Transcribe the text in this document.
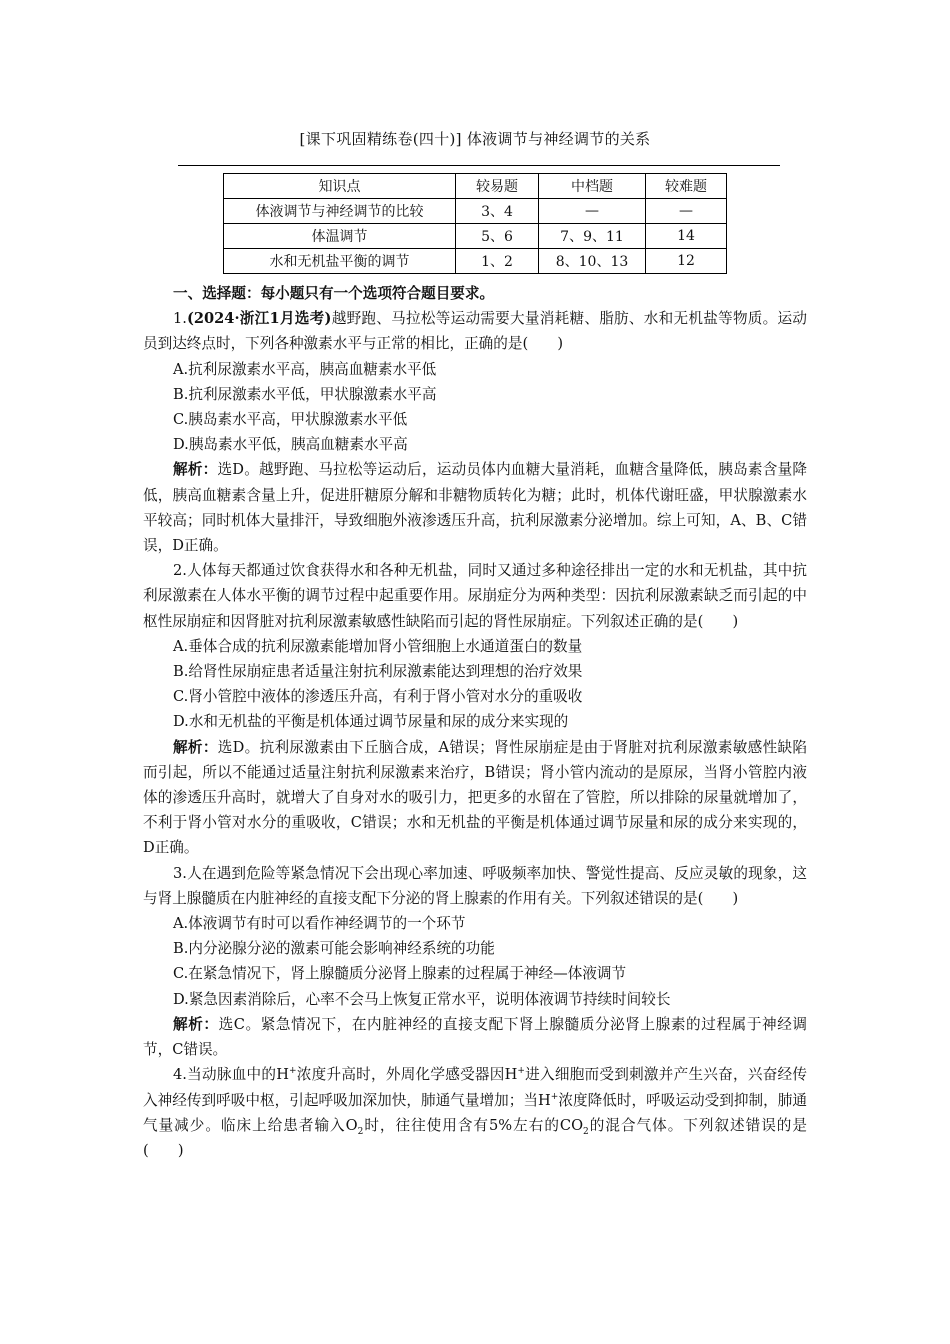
[课下巩固精练卷(四十)] 体液调节与神经调节的关系
知识点	较易题	中档题	较难题
体液调节与神经调节的比较	3、4	—	—
体温调节	5、6	7、9、11	14
水和无机盐平衡的调节	1、2	8、10、13	12

一、选择题：每小题只有一个选项符合题目要求。

1.(2024·浙江1月选考)越野跑、马拉松等运动需要大量消耗糖、脂肪、水和无机盐等物质。运动员到达终点时，下列各种激素水平与正常的相比，正确的是(　　)

A.抗利尿激素水平高，胰高血糖素水平低

B.抗利尿激素水平低，甲状腺激素水平高

C.胰岛素水平高，甲状腺激素水平低

D.胰岛素水平低，胰高血糖素水平高

解析：选D。越野跑、马拉松等运动后，运动员体内血糖大量消耗，血糖含量降低，胰岛素含量降低，胰高血糖素含量上升，促进肝糖原分解和非糖物质转化为糖；此时，机体代谢旺盛，甲状腺激素水平较高；同时机体大量排汗，导致细胞外液渗透压升高，抗利尿激素分泌增加。综上可知，A、B、C错误，D正确。

2.人体每天都通过饮食获得水和各种无机盐，同时又通过多种途径排出一定的水和无机盐，其中抗利尿激素在人体水平衡的调节过程中起重要作用。尿崩症分为两种类型：因抗利尿激素缺乏而引起的中枢性尿崩症和因肾脏对抗利尿激素敏感性缺陷而引起的肾性尿崩症。下列叙述正确的是(　　)

A.垂体合成的抗利尿激素能增加肾小管细胞上水通道蛋白的数量

B.给肾性尿崩症患者适量注射抗利尿激素能达到理想的治疗效果

C.肾小管腔中液体的渗透压升高，有利于肾小管对水分的重吸收

D.水和无机盐的平衡是机体通过调节尿量和尿的成分来实现的

解析：选D。抗利尿激素由下丘脑合成，A错误；肾性尿崩症是由于肾脏对抗利尿激素敏感性缺陷而引起，所以不能通过适量注射抗利尿激素来治疗，B错误；肾小管内流动的是原尿，当肾小管腔内液体的渗透压升高时，就增大了自身对水的吸引力，把更多的水留在了管腔，所以排除的尿量就增加了，不利于肾小管对水分的重吸收，C错误；水和无机盐的平衡是机体通过调节尿量和尿的成分来实现的，D正确。

3.人在遇到危险等紧急情况下会出现心率加速、呼吸频率加快、警觉性提高、反应灵敏的现象，这与肾上腺髓质在内脏神经的直接支配下分泌的肾上腺素的作用有关。下列叙述错误的是(　　)

A.体液调节有时可以看作神经调节的一个环节

B.内分泌腺分泌的激素可能会影响神经系统的功能

C.在紧急情况下，肾上腺髓质分泌肾上腺素的过程属于神经—体液调节

D.紧急因素消除后，心率不会马上恢复正常水平，说明体液调节持续时间较长

解析：选C。紧急情况下，在内脏神经的直接支配下肾上腺髓质分泌肾上腺素的过程属于神经调节，C错误。

4.当动脉血中的H+浓度升高时，外周化学感受器因H+进入细胞而受到刺激并产生兴奋，兴奋经传入神经传到呼吸中枢，引起呼吸加深加快，肺通气量增加；当H+浓度降低时，呼吸运动受到抑制，肺通气量减少。临床上给患者输入$O_2$时，往往使用含有5%左右的$CO_2$的混合气体。下列叙述错误的是(　　)
